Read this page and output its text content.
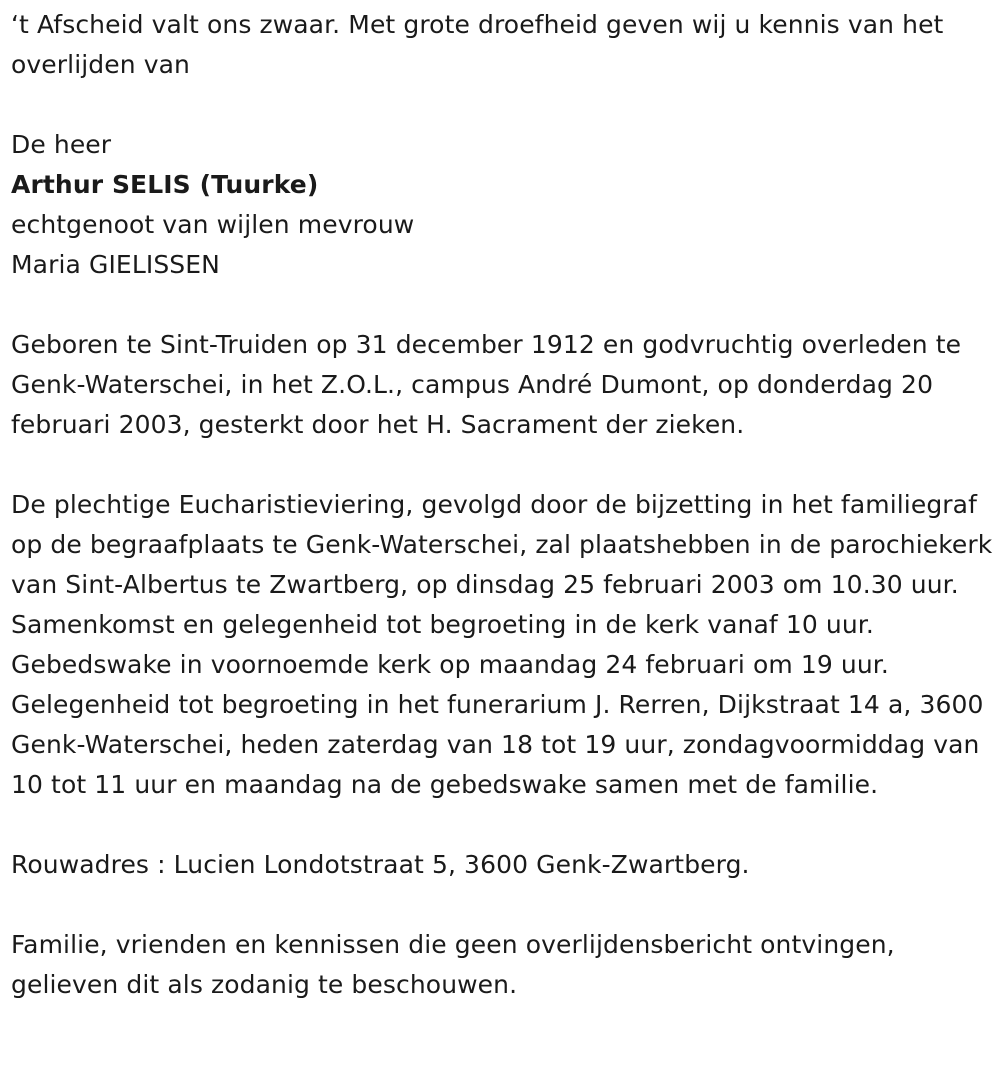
‘t Afscheid valt ons zwaar. Met grote droefheid geven wij u kennis van het overlijden van

De heer

Arthur SELIS (Tuurke)

echtgenoot van wijlen mevrouw

Maria GIELISSEN

Geboren te Sint-Truiden op 31 december 1912 en godvruchtig overleden te Genk-Waterschei, in het Z.O.L., campus André Dumont, op donderdag 20 februari 2003, gesterkt door het H. Sacrament der zieken.

De plechtige Eucharistieviering, gevolgd door de bijzetting in het familiegraf op de begraafplaats te Genk-Waterschei, zal plaatshebben in de parochiekerk van Sint-Albertus te Zwartberg, op dinsdag 25 februari 2003 om 10.30 uur. Samenkomst en gelegenheid tot begroeting in de kerk vanaf 10 uur. Gebedswake in voornoemde kerk op maandag 24 februari om 19 uur. Gelegenheid tot begroeting in het funerarium J. Rerren, Dijkstraat 14 a, 3600 Genk-Waterschei, heden zaterdag van 18 tot 19 uur, zondagvoormiddag van 10 tot 11 uur en maandag na de gebedswake samen met de familie.

Rouwadres : Lucien Londotstraat 5, 3600 Genk-Zwartberg.

Familie, vrienden en kennissen die geen overlijdensbericht ontvingen, gelieven dit als zodanig te beschouwen.
